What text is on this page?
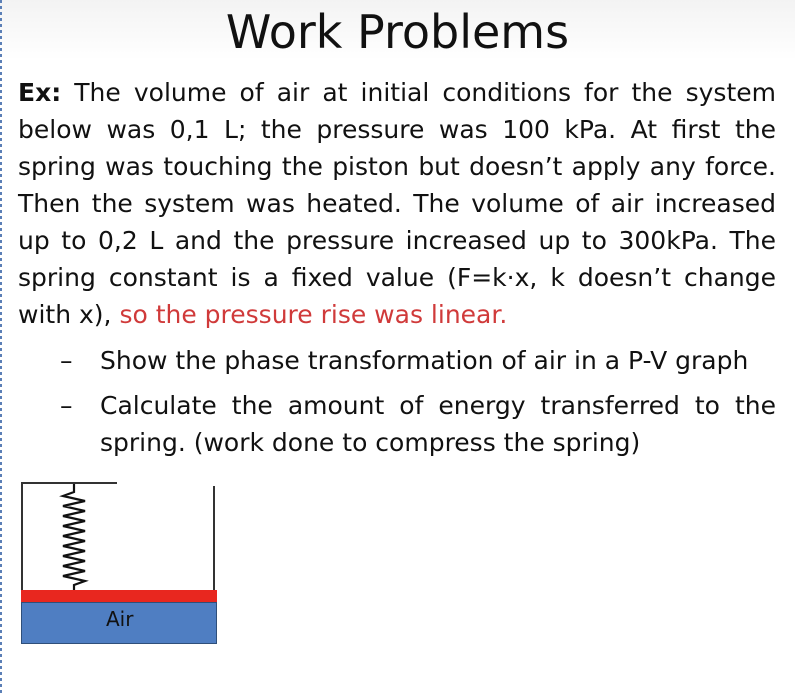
Work Problems
Ex: The volume of air at initial conditions for the system below was 0,1 L; the pressure was 100 kPa. At first the spring was touching the piston but doesn’t apply any force. Then the system was heated. The volume of air increased up to 0,2 L and the pressure increased up to 300kPa. The spring constant is a fixed value (F=k·x, k doesn’t change with x), so the pressure rise was linear.
– Show the phase transformation of air in a P-V graph
– Calculate the amount of energy transferred to the spring. (work done to compress the spring)
Air
